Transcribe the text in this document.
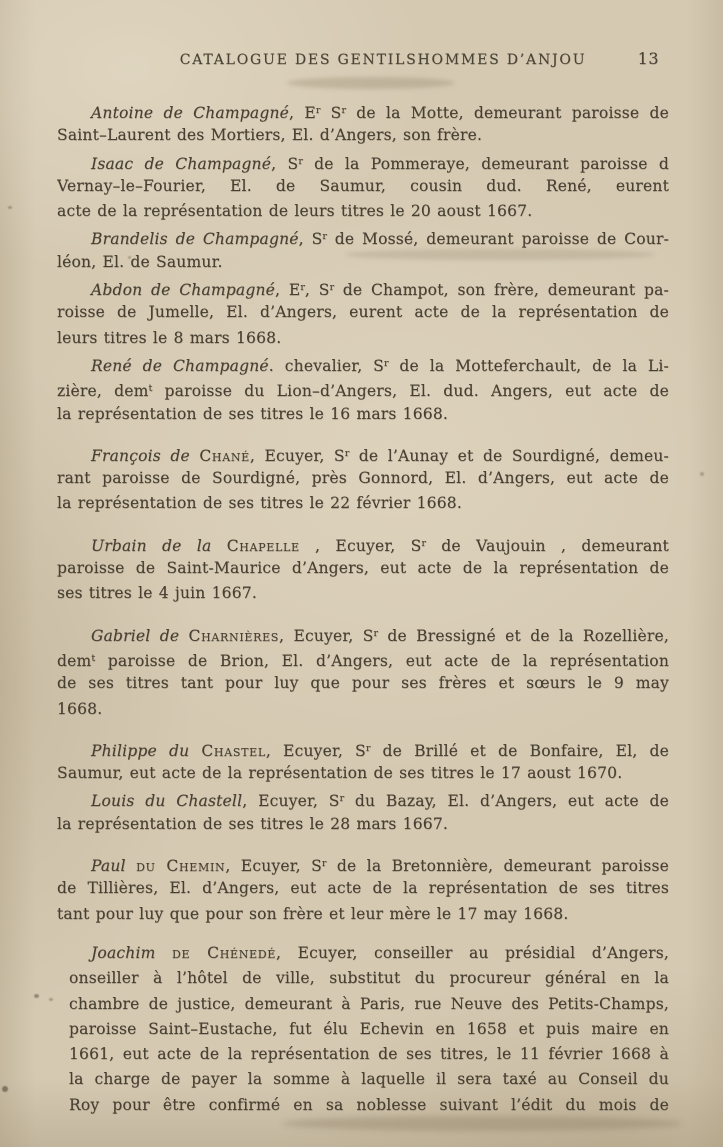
CATALOGUE DES GENTILSHOMMES D’ANJOU	13
Antoine de Champagné, $E^r$ $S^r$ de la Motte, demeurant paroisse de
Saint–Laurent des Mortiers, El. d’Angers, son frère.
Isaac de Champagné, $S^r$ de la Pommeraye, demeurant paroisse d
Vernay–le–Fourier, El. de Saumur, cousin dud. René, eurent
acte de la représentation de leurs titres le 20 aoust 1667.
Brandelis de Champagné, $S^r$ de Mossé, demeurant paroisse de Cour-
léon, El. de Saumur.
Abdon de Champagné, $E^r$, $S^r$ de Champot, son frère, demeurant pa-
roisse de Jumelle, El. d’Angers, eurent acte de la représentation de
leurs titres le 8 mars 1668.
René de Champagné. chevalier, $S^r$ de la Motteferchault, de la Li-
zière, dem$^t$ paroisse du Lion–d’Angers, El. dud. Angers, eut acte de
la représentation de ses titres le 16 mars 1668.
François de Chané, Ecuyer, $S^r$ de l’Aunay et de Sourdigné, demeu-
rant paroisse de Sourdigné, près Gonnord, El. d’Angers, eut acte de
la représentation de ses titres le 22 février 1668.
Urbain de la Chapelle , Ecuyer, $S^r$ de Vaujouin , demeurant
paroisse de Saint-Maurice d’Angers, eut acte de la représentation de
ses titres le 4 juin 1667.
Gabriel de Charnières, Ecuyer, $S^r$ de Bressigné et de la Rozellière,
dem$^t$ paroisse de Brion, El. d’Angers, eut acte de la représentation
de ses titres tant pour luy que pour ses frères et sœurs le 9 may
1668.
Philippe du Chastel, Ecuyer, $S^r$ de Brillé et de Bonfaire, El, de
Saumur, eut acte de la représentation de ses titres le 17 aoust 1670.
Louis du Chastell, Ecuyer, $S^r$ du Bazay, El. d’Angers, eut acte de
la représentation de ses titres le 28 mars 1667.
Paul du Chemin, Ecuyer, $S^r$ de la Bretonnière, demeurant paroisse
de Tillières, El. d’Angers, eut acte de la représentation de ses titres
tant pour luy que pour son frère et leur mère le 17 may 1668.
Joachim de Chénedé, Ecuyer, conseiller au présidial d’Angers,
onseiller à l’hôtel de ville, substitut du procureur général en la
chambre de justice, demeurant à Paris, rue Neuve des Petits-Champs,
paroisse Saint–Eustache, fut élu Echevin en 1658 et puis maire en
1661, eut acte de la représentation de ses titres, le 11 février 1668 à
la charge de payer la somme à laquelle il sera taxé au Conseil du
Roy pour être confirmé en sa noblesse suivant l’édit du mois de
